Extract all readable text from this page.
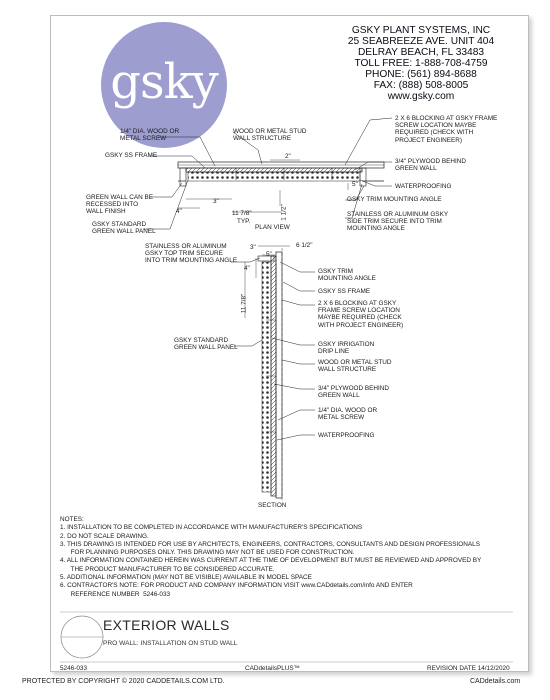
gsky
GSKY PLANT SYSTEMS, INC
25 SEABREEZE AVE. UNIT 404
DELRAY BEACH, FL 33483
TOLL FREE: 1-888-708-4759
PHONE: (561) 894-8688
FAX: (888) 508-8005
www.gsky.com
1/4" DIA. WOOD OR
METAL SCREW
GSKY SS FRAME
WOOD OR METAL STUD
WALL STRUCTURE
2 X 6 BLOCKING AT GSKY FRAME
SCREW LOCATION MAYBE
REQUIRED (CHECK WITH
PROJECT ENGINEER)
3/4" PLYWOOD BEHIND
GREEN WALL
WATERPROOFING
GREEN WALL CAN BE
RECESSED INTO
WALL FINISH
GSKY TRIM MOUNTING ANGLE
GSKY STANDARD
GREEN WALL PANEL
STAINLESS OR ALUMINUM GSKY
SIDE TRIM SECURE INTO TRIM
MOUNTING ANGLE
PLAN VIEW
2"
5"
3"
4"	11 7/8"
TYP.
1 1/2"
STAINLESS OR ALUMINUM
GSKY TOP TRIM SECURE
INTO TRIM MOUNTING ANGLE
GSKY TRIM
MOUNTING ANGLE
GSKY SS FRAME
2 X 6 BLOCKING AT GSKY
FRAME SCREW LOCATION
MAYBE REQUIRED (CHECK
WITH PROJECT ENGINEER)
GSKY STANDARD
GREEN WALL PANEL	GSKY IRRIGATION
DRIP LINE
WOOD OR METAL STUD
WALL STRUCTURE
3/4" PLYWOOD BEHIND
GREEN WALL
1/4" DIA. WOOD OR
METAL SCREW
WATERPROOFING
SECTION
6 1/2"
5"
3"
4"
11 7/8"
NOTES:
1. INSTALLATION TO BE COMPLETED IN ACCORDANCE WITH MANUFACTURER'S SPECIFICATIONS
2. DO NOT SCALE DRAWING.
3. THIS DRAWING IS INTENDED FOR USE BY ARCHITECTS, ENGINEERS, CONTRACTORS, CONSULTANTS AND DESIGN PROFESSIONALS
FOR PLANNING PURPOSES ONLY. THIS DRAWING MAY NOT BE USED FOR CONSTRUCTION.
4. ALL INFORMATION CONTAINED HEREIN WAS CURRENT AT THE TIME OF DEVELOPMENT BUT MUST BE REVIEWED AND APPROVED BY
THE PRODUCT MANUFACTURER TO BE CONSIDERED ACCURATE.
5. ADDITIONAL INFORMATION (MAY NOT BE VISIBLE) AVAILABLE IN MODEL SPACE
6. CONTRACTOR'S NOTE: FOR PRODUCT AND COMPANY INFORMATION VISIT www.CADdetails.com/info AND ENTER
REFERENCE NUMBER  5246-033
EXTERIOR WALLS
PRO WALL: INSTALLATION ON STUD WALL
5246-033	CADdetailsPLUS™	REVISION DATE 14/12/2020
PROTECTED BY COPYRIGHT © 2020 CADDETAILS.COM LTD.	CADdetails.com
